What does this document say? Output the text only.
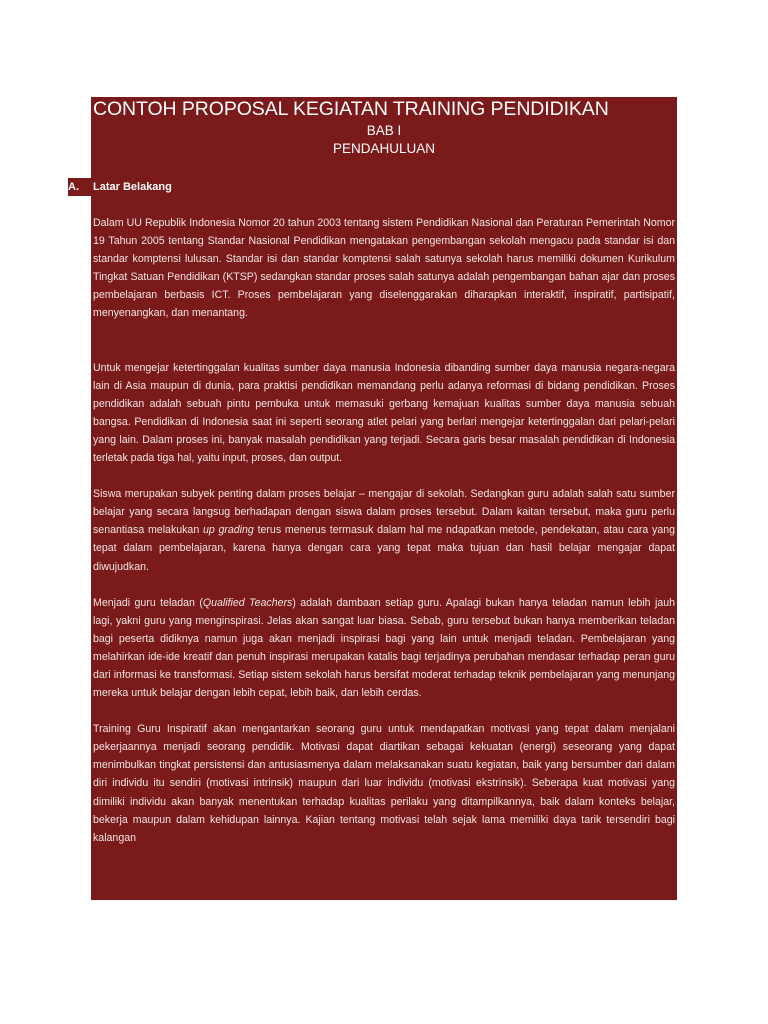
CONTOH PROPOSAL KEGIATAN TRAINING PENDIDIKAN

BAB I

PENDAHULUAN

A.	Latar Belakang

Dalam UU Republik Indonesia Nomor 20 tahun 2003 tentang sistem Pendidikan Nasional dan Peraturan Pemerintah Nomor 19 Tahun 2005 tentang Standar Nasional Pendidikan mengatakan pengembangan sekolah mengacu pada standar isi dan standar komptensi lulusan. Standar isi dan standar komptensi salah satunya sekolah harus memiliki dokumen Kurikulum Tingkat Satuan Pendidikan (KTSP) sedangkan standar proses salah satunya adalah pengembangan bahan ajar dan proses pembelajaran berbasis ICT. Proses pembelajaran yang diselenggarakan diharapkan interaktif, inspiratif, partisipatif, menyenangkan, dan menantang.

Untuk mengejar ketertinggalan kualitas sumber daya manusia Indonesia dibanding sumber daya manusia negara-negara lain di Asia maupun di dunia, para praktisi pendidikan memandang perlu adanya reformasi di bidang pendidikan. Proses pendidikan adalah sebuah pintu pembuka untuk memasuki gerbang kemajuan kualitas sumber daya manusia sebuah bangsa. Pendidikan di Indonesia saat ini seperti seorang atlet pelari yang berlari mengejar ketertinggalan dari pelari-pelari yang lain. Dalam proses ini, banyak masalah pendidikan yang terjadi. Secara garis besar masalah pendidikan di Indonesia terletak pada tiga hal, yaitu input, proses, dan output.

Siswa merupakan subyek penting dalam proses belajar – mengajar di sekolah. Sedangkan guru adalah salah satu sumber belajar yang secara langsug berhadapan dengan siswa dalam proses tersebut. Dalam kaitan tersebut, maka guru perlu senantiasa melakukan up grading terus menerus termasuk dalam hal me ndapatkan metode, pendekatan, atau cara yang tepat dalam pembelajaran, karena hanya dengan cara yang tepat maka tujuan dan hasil belajar mengajar dapat diwujudkan.

Menjadi guru teladan (Qualified Teachers) adalah dambaan setiap guru. Apalagi bukan hanya teladan namun lebih jauh lagi, yakni guru yang menginspirasi. Jelas akan sangat luar biasa. Sebab, guru tersebut bukan hanya memberikan teladan bagi peserta didiknya namun juga akan menjadi inspirasi bagi yang lain untuk menjadi teladan. Pembelajaran yang melahirkan ide-ide kreatif dan penuh inspirasi merupakan katalis bagi terjadinya perubahan mendasar terhadap peran guru dari informasi ke transformasi. Setiap sistem sekolah harus bersifat moderat terhadap teknik pembelajaran yang menunjang mereka untuk belajar dengan lebih cepat, lebih baik, dan lebih cerdas.

Training Guru Inspiratif akan mengantarkan seorang guru untuk mendapatkan motivasi yang tepat dalam menjalani pekerjaannya menjadi seorang pendidik. Motivasi dapat diartikan sebagai kekuatan (energi) seseorang yang dapat menimbulkan tingkat persistensi dan antusiasmenya dalam melaksanakan suatu kegiatan, baik yang bersumber dari dalam diri individu itu sendiri (motivasi intrinsik) maupun dari luar individu (motivasi ekstrinsik). Seberapa kuat motivasi yang dimiliki individu akan banyak menentukan terhadap kualitas perilaku yang ditampilkannya, baik dalam konteks belajar, bekerja maupun dalam kehidupan lainnya. Kajian tentang motivasi telah sejak lama memiliki daya tarik tersendiri bagi kalangan
